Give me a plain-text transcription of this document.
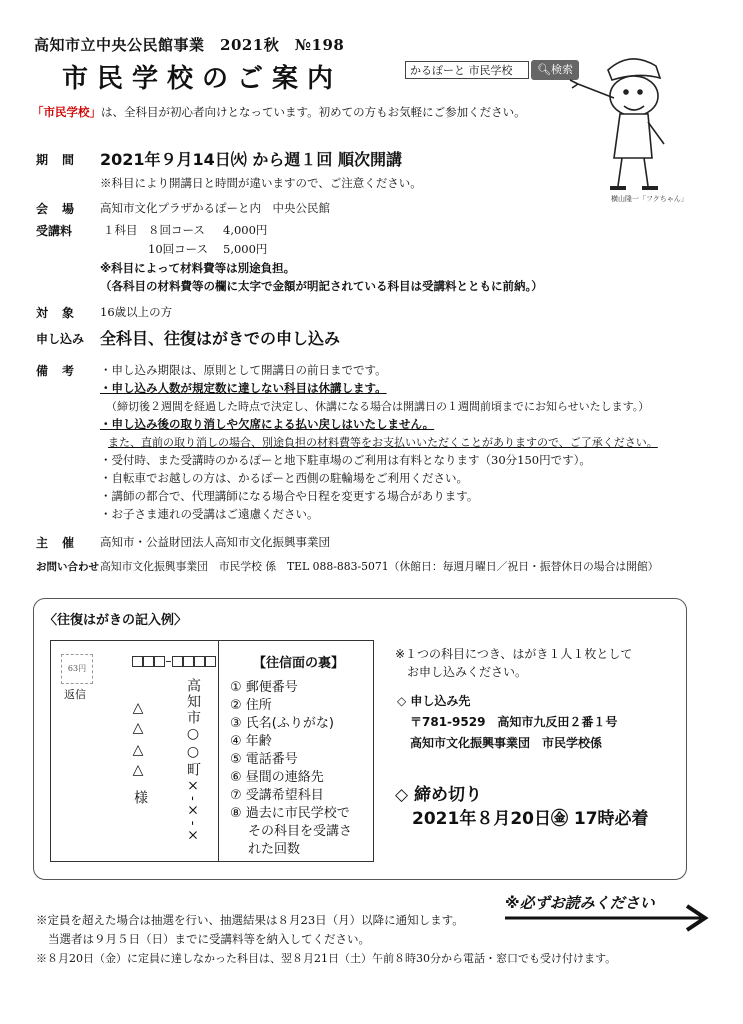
高知市立中央公民館事業　2021秋　№198
市民学校のご案内	かるぽーと 市民学校	🔍︎検索
横山隆一「フクちゃん」
「市民学校」は、全科目が初心者向けとなっています。初めての方もお気軽にご参加ください。
期間 2021年９月14日㈫ から週１回 順次開講
※科目により開講日と時間が違いますので、ご注意ください。
会場 高知市文化プラザかるぽーと内　中央公民館
受講料	１科目 ８回コース 4,000円
10回コース 5,000円
※科目によって材料費等は別途負担。
（各科目の材料費等の欄に太字で金額が明記されている科目は受講料とともに前納。）
対象 16歳以上の方
申し込み 全科目、往復はがきでの申し込み
備考 ・申し込み期限は、原則として開講日の前日までです。
・申し込み人数が規定数に達しない科目は休講します。
（締切後２週間を経過した時点で決定し、休講になる場合は開講日の１週間前頃までにお知らせいたします。）
・申し込み後の取り消しや欠席による払い戻しはいたしません。
また、直前の取り消しの場合、別途負担の材料費等をお支払いいただくことがありますので、ご了承ください。
・受付時、また受講時のかるぽーと地下駐車場のご利用は有料となります（30分150円です）。
・自転車でお越しの方は、かるぽーと西側の駐輪場をご利用ください。
・講師の都合で、代理講師になる場合や日程を変更する場合があります。
・お子さま連れの受講はご遠慮ください。
主催 高知市・公益財団法人高知市文化振興事業団
お問い合わせ 高知市文化振興事業団　市民学校 係　TEL 088-883-5071（休館日：毎週月曜日／祝日・振替休日の場合は開館）
〈往復はがきの記入例〉
63円
返信	高知市○○町×-×-×
△△
△△
様
【往信面の裏】
① 郵便番号
② 住所
③ 氏名(ふりがな)
④ 年齢
⑤ 電話番号
⑥ 昼間の連絡先
⑦ 受講希望科目
⑧ 過去に市民学校で
その科目を受講さ
れた回数
※１つの科目につき、はがき１人１枚として
お申し込みください。
◇ 申し込み先
〒781-9529　高知市九反田２番１号
高知市文化振興事業団　市民学校係
◇ 締め切り
2021年８月20日㊎ 17時必着
※必ずお読みください
※定員を超えた場合は抽選を行い、抽選結果は８月23日（月）以降に通知します。
当選者は９月５日（日）までに受講料等を納入してください。
※８月20日（金）に定員に達しなかった科目は、翌８月21日（土）午前８時30分から電話・窓口でも受け付けます。
